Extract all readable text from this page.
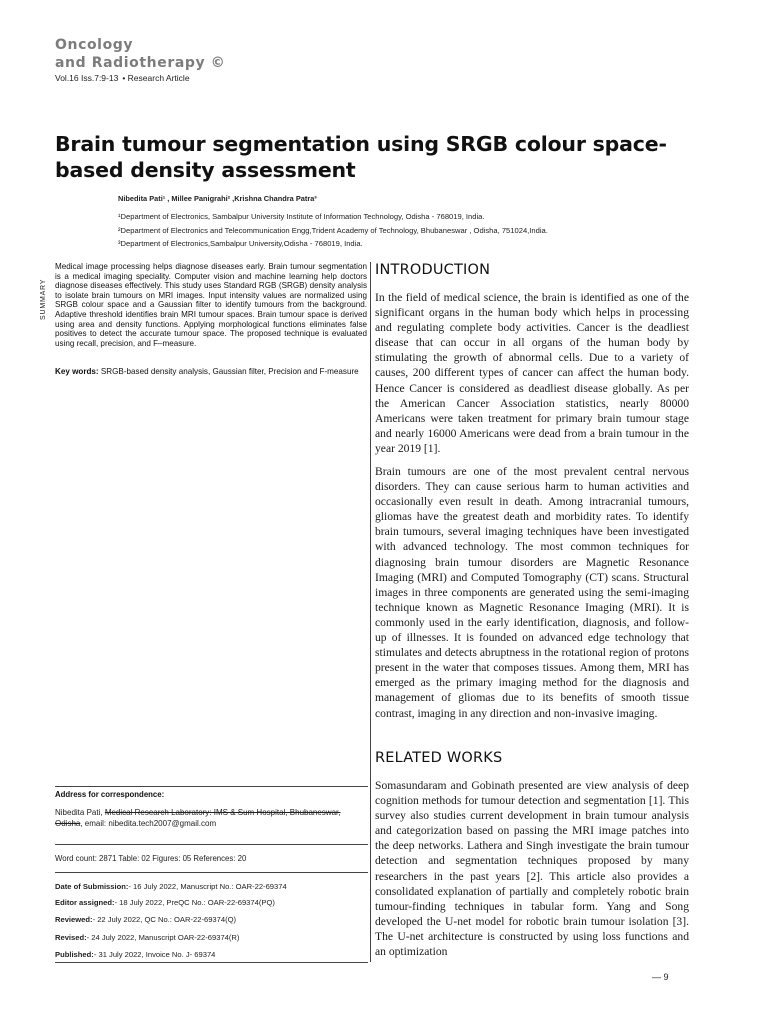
Oncology
and Radiotherapy ©
Vol.16 Iss.7:9-13 • Research Article
Brain tumour segmentation using SRGB colour space-based density assessment
Nibedita Pati¹ , Millee Panigrahi² ,Krishna Chandra Patra³
¹Department of Electronics, Sambalpur University Institute of Information Technology, Odisha - 768019, India.
²Department of Electronics and Telecommunication Engg,Trident Academy of Technology, Bhubaneswar , Odisha, 751024,India.
³Department of Electronics,Sambalpur University,Odisha - 768019, India.
SUMMARY
Medical image processing helps diagnose diseases early. Brain tumour segmentation is a medical imaging speciality. Computer vision and machine learning help doctors diagnose diseases effectively. This study uses Standard RGB (SRGB) density analysis to isolate brain tumours on MRI images. Input intensity values are normalized using SRGB colour space and a Gaussian filter to identify tumours from the background. Adaptive threshold identifies brain MRI tumour spaces. Brain tumour space is derived using area and density functions. Applying morphological functions eliminates false positives to detect the accurate tumour space. The proposed technique is evaluated using recall, precision, and F–measure.
Key words: SRGB-based density analysis, Gaussian filter, Precision and F-measure
Address for correspondence:
Nibedita Pati, Medical Research Laboratory: IMS & Sum Hospital, Bhubaneswar, Odisha, email: nibedita.tech2007@gmail.com
Word count: 2871 Table: 02 Figures: 05 References: 20
Date of Submission:- 16 July 2022, Manuscript No.: OAR-22-69374
Editor assigned:- 18 July 2022, PreQC No.: OAR-22-69374(PQ)
Reviewed:- 22 July 2022, QC No.: OAR-22-69374(Q)
Revised:- 24 July 2022, Manuscript OAR-22-69374(R)
Published:- 31 July 2022, Invoice No. J- 69374
INTRODUCTION
In the field of medical science, the brain is identified as one of the significant organs in the human body which helps in processing and regulating complete body activities. Cancer is the deadliest disease that can occur in all organs of the human body by stimulating the growth of abnormal cells. Due to a variety of causes, 200 different types of cancer can affect the human body. Hence Cancer is considered as deadliest disease globally. As per the American Cancer Association statistics, nearly 80000 Americans were taken treatment for primary brain tumour stage and nearly 16000 Americans were dead from a brain tumour in the year 2019 [1].
Brain tumours are one of the most prevalent central nervous disorders. They can cause serious harm to human activities and occasionally even result in death. Among intracranial tumours, gliomas have the greatest death and morbidity rates. To identify brain tumours, several imaging techniques have been investigated with advanced technology. The most common techniques for diagnosing brain tumour disorders are Magnetic Resonance Imaging (MRI) and Computed Tomography (CT) scans. Structural images in three components are generated using the semi-imaging technique known as Magnetic Resonance Imaging (MRI). It is commonly used in the early identification, diagnosis, and follow-up of illnesses. It is founded on advanced edge technology that stimulates and detects abruptness in the rotational region of protons present in the water that composes tissues. Among them, MRI has emerged as the primary imaging method for the diagnosis and management of gliomas due to its benefits of smooth tissue contrast, imaging in any direction and non-invasive imaging.
RELATED WORKS
Somasundaram and Gobinath presented are view analysis of deep cognition methods for tumour detection and segmentation [1]. This survey also studies current development in brain tumour analysis and categorization based on passing the MRI image patches into the deep networks. Lathera and Singh investigate the brain tumour detection and segmentation techniques proposed by many researchers in the past years [2]. This article also provides a consolidated explanation of partially and completely robotic brain tumour-finding techniques in tabular form. Yang and Song developed the U-net model for robotic brain tumour isolation [3]. The U-net architecture is constructed by using loss functions and an optimization
— 9
